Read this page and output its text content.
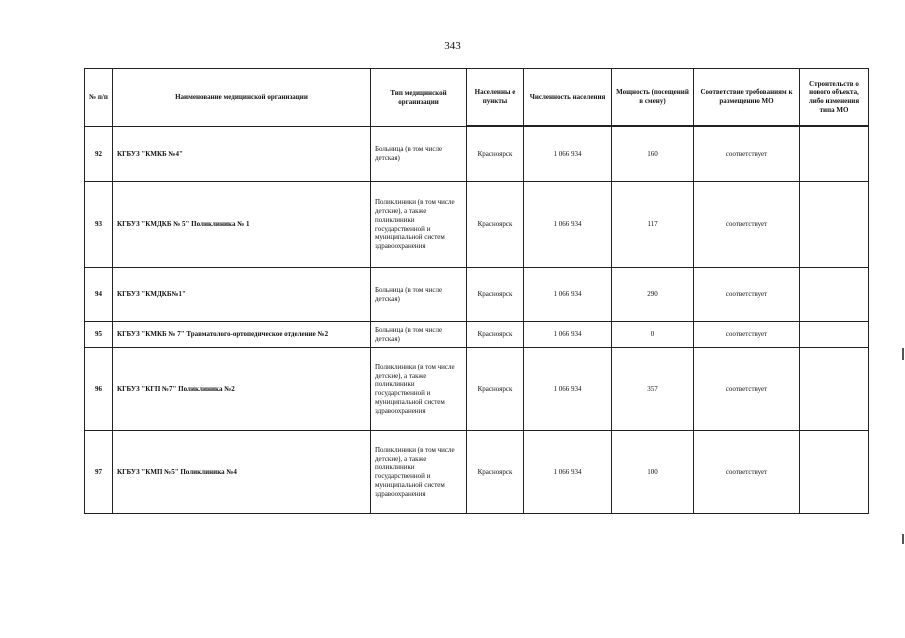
343
№ п/п	Наименование медицинской организации	Тип медицинской организации	Населенны е пункты	Численность населения	Мощность (посещений в смену)	Соответствие требованиям к размещению МО	Строительств о нового объекта, либо изменения типа МО

92	КГБУЗ "КМКБ №4"	Больница (в том числе детская)	Красноярск	1 066 934	160	соответствует	
93	КГБУЗ "КМДКБ № 5" Поликлиника № 1	Поликлиники (в том числе детские), а также поликлиники государственной и муниципальной систем здравоохранения	Красноярск	1 066 934	117	соответствует	
94	КГБУЗ "КМДКБ№1"	Больница (в том числе детская)	Красноярск	1 066 934	290	соответствует	
95	КГБУЗ "КМКБ № 7" Травматолого-ортопедическое отделение №2	Больница (в том числе детская)	Красноярск	1 066 934	0	соответствует	
96	КГБУЗ "КГП №7" Поликлиника №2	Поликлиники (в том числе детские), а также поликлиники государственной и муниципальной систем здравоохранения	Красноярск	1 066 934	357	соответствует	
97	КГБУЗ "КМП №5" Поликлиника №4	Поликлиники (в том числе детские), а также поликлиники государственной и муниципальной систем здравоохранения	Красноярск	1 066 934	100	соответствует	
